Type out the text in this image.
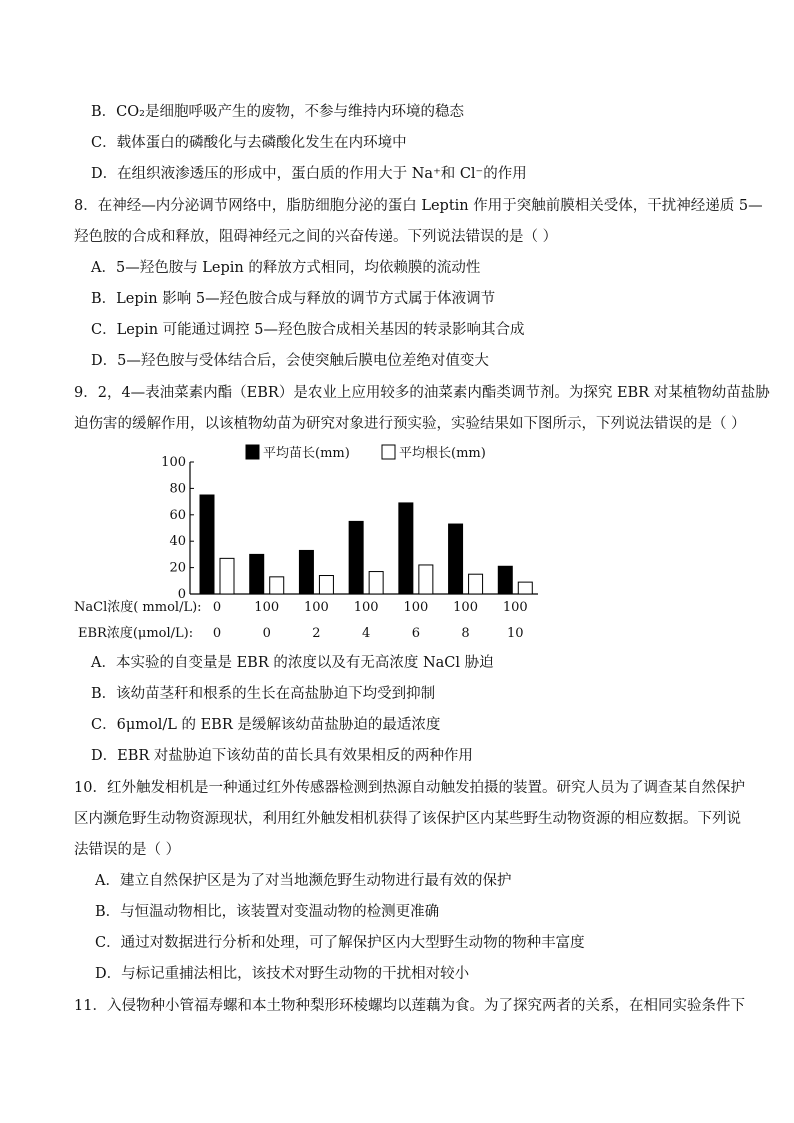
B．CO₂是细胞呼吸产生的废物，不参与维持内环境的稳态
C．载体蛋白的磷酸化与去磷酸化发生在内环境中
D．在组织液渗透压的形成中，蛋白质的作用大于 Na⁺和 Cl⁻的作用
8．在神经—内分泌调节网络中，脂肪细胞分泌的蛋白 Leptin 作用于突触前膜相关受体，干扰神经递质 5—
羟色胺的合成和释放，阻碍神经元之间的兴奋传递。下列说法错误的是（ ）
A．5—羟色胺与 Lepin 的释放方式相同，均依赖膜的流动性
B．Lepin 影响 5—羟色胺合成与释放的调节方式属于体液调节
C．Lepin 可能通过调控 5—羟色胺合成相关基因的转录影响其合成
D．5—羟色胺与受体结合后，会使突触后膜电位差绝对值变大
9．2，4—表油菜素内酯（EBR）是农业上应用较多的油菜素内酯类调节剂。为探究 EBR 对某植物幼苗盐胁
迫伤害的缓解作用，以该植物幼苗为研究对象进行预实验，实验结果如下图所示，下列说法错误的是（ ）
0
20
40
60
80
100
平均苗长(mm)	平均根长(mm)
0
0
100
0
100
2
100
4
100
6
100
8
100
10
NaCl浓度( mmol/L):
EBR浓度(μmol/L):
A．本实验的自变量是 EBR 的浓度以及有无高浓度 NaCl 胁迫
B．该幼苗茎秆和根系的生长在高盐胁迫下均受到抑制
C．6μmol/L 的 EBR 是缓解该幼苗盐胁迫的最适浓度
D．EBR 对盐胁迫下该幼苗的苗长具有效果相反的两种作用
10．红外触发相机是一种通过红外传感器检测到热源自动触发拍摄的装置。研究人员为了调查某自然保护
区内濒危野生动物资源现状，利用红外触发相机获得了该保护区内某些野生动物资源的相应数据。下列说
法错误的是（ ）
A．建立自然保护区是为了对当地濒危野生动物进行最有效的保护
B．与恒温动物相比，该装置对变温动物的检测更准确
C．通过对数据进行分析和处理，可了解保护区内大型野生动物的物种丰富度
D．与标记重捕法相比，该技术对野生动物的干扰相对较小
11．入侵物种小管福寿螺和本土物种梨形环棱螺均以莲藕为食。为了探究两者的关系，在相同实验条件下
